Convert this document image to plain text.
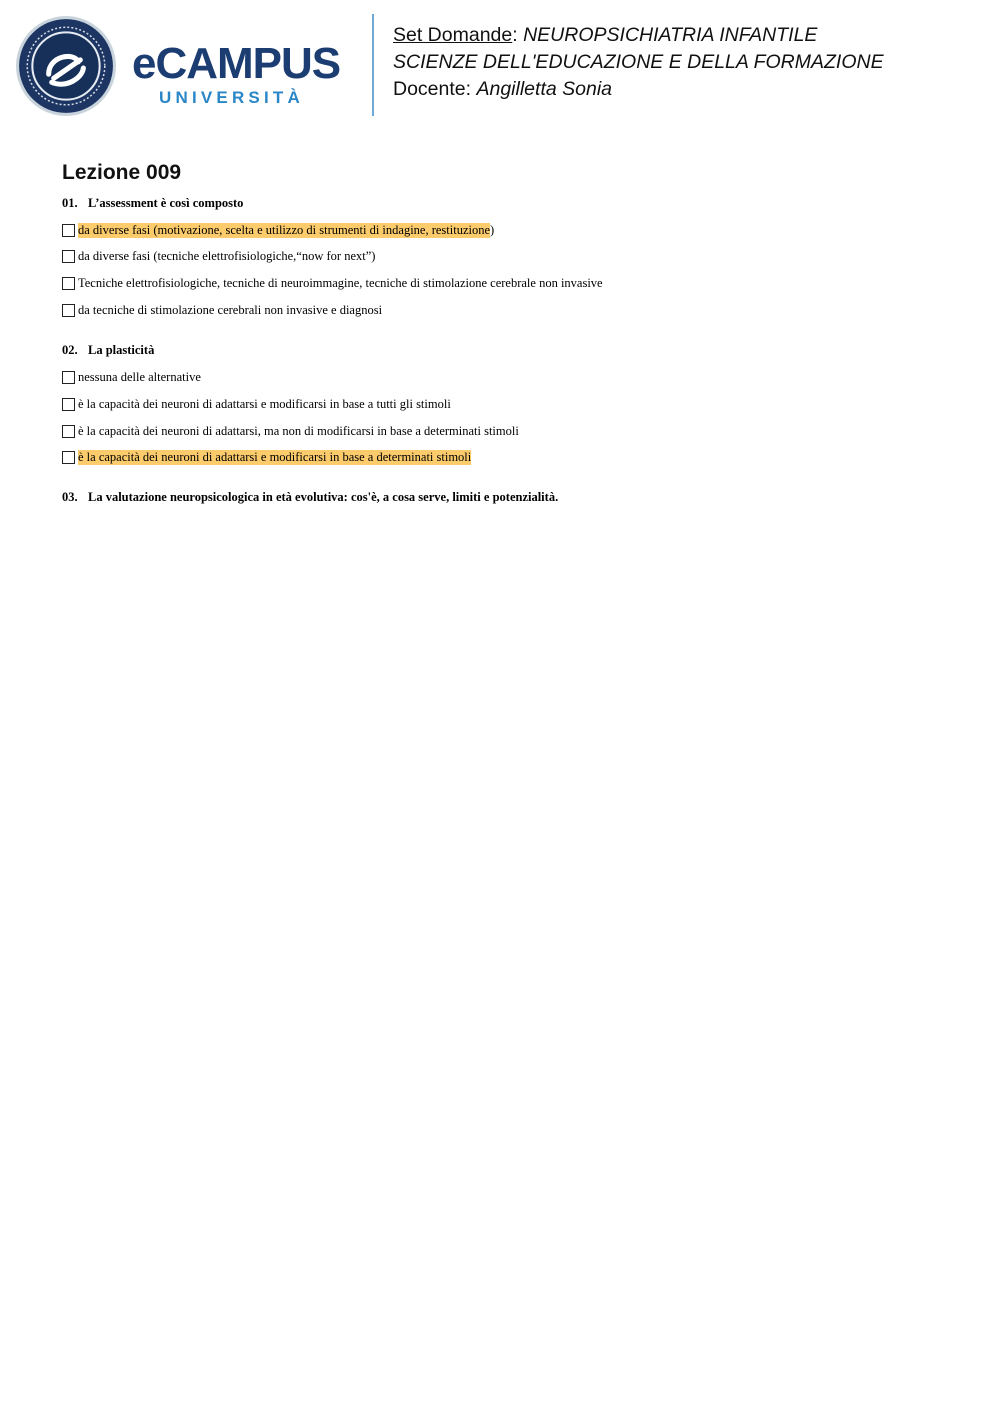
eCAMPUS
UNIVERSITÀ
Set Domande: NEUROPSICHIATRIA INFANTILE
SCIENZE DELL'EDUCAZIONE E DELLA FORMAZIONE
Docente: Angilletta Sonia
Lezione 009
01. L’assessment è così composto
da diverse fasi (motivazione, scelta e utilizzo di strumenti di indagine, restituzione )
da diverse fasi (tecniche elettrofisiologiche,“now for next”)
Tecniche elettrofisiologiche, tecniche di neuroimmagine, tecniche di stimolazione cerebrale non invasive
da tecniche di stimolazione cerebrali non invasive e diagnosi
02. La plasticità
nessuna delle alternative
è la capacità dei neuroni di adattarsi e modificarsi in base a tutti gli stimoli
è la capacità dei neuroni di adattarsi, ma non di modificarsi in base a determinati stimoli
è la capacità dei neuroni di adattarsi e modificarsi in base a determinati stimoli
03. La valutazione neuropsicologica in età evolutiva: cos'è, a cosa serve, limiti e potenzialità.
